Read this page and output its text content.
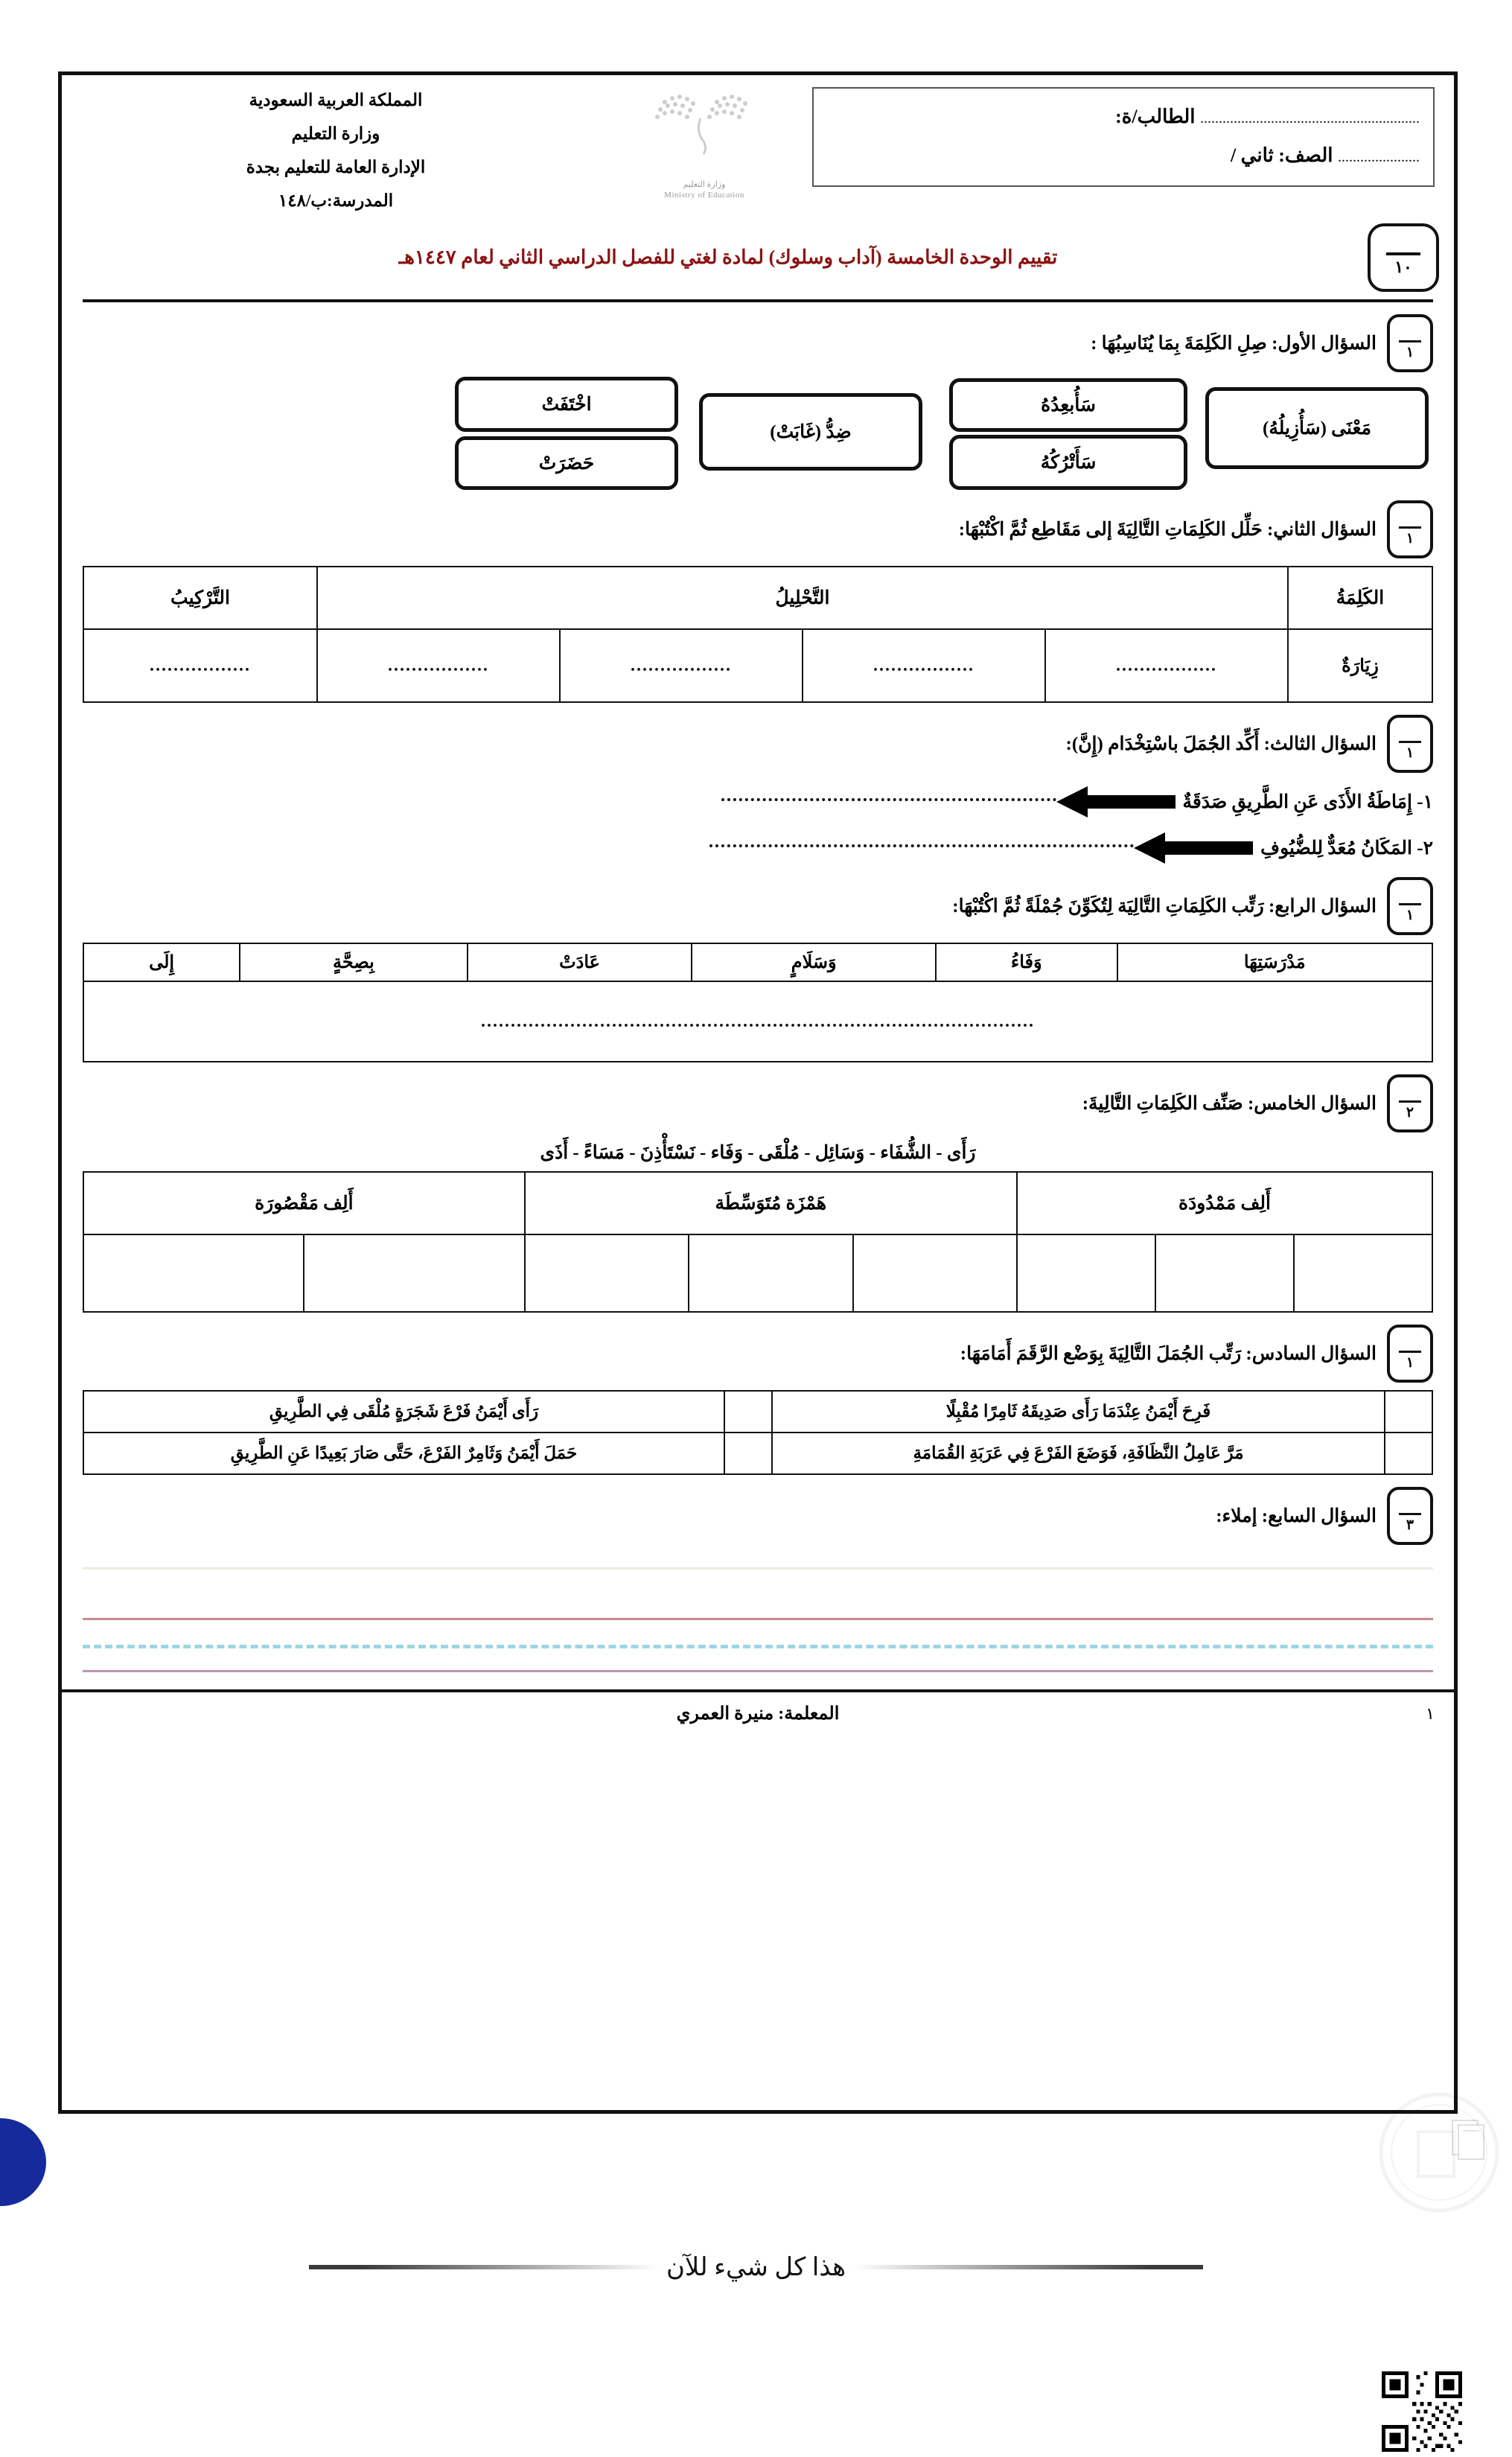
........................................................... الطالب/ة:
...................... الصف: ثاني /
وزارة التعليم
Ministry of Education
المملكة العربية السعودية
وزارة التعليم
الإدارة العامة للتعليم بجدة
المدرسة:ب/١٤٨
١٠
تقييم الوحدة الخامسة (آداب وسلوك) لمادة لغتي للفصل الدراسي الثاني لعام ١٤٤٧هـ
١
السؤال الأول: صِلِ الكَلِمَةَ بِمَا يُنَاسِبُهَا :
مَعْنَى (سَأُزِيلُهُ)
سَأُبعِدُهُ
سَأَتْرُكُهُ
ضِدُّ (غَابَتْ)
اخْتَفَتْ
حَضَرَتْ
١
السؤال الثاني: حَلِّل الكَلِمَاتِ التَّالِيَةَ إلى مَقَاطِع ثُمَّ اكْتُبْهَا:
الكَلِمَةُ	التَّحْلِيلُ				التَّرْكِيبُ
زِيَارَةٌ	.................	.................	.................	.................	.................
١
السؤال الثالث: أَكِّد الجُمَلَ باسْتِخْدَام (إِنَّ):
١- إِمَاطَةُ الأَذَى عَنِ الطَّرِيقِ صَدَقَةٌ
٢- المَكَانُ مُعَدٌّ لِلضُّيُوفِ
١
السؤال الرابع: رَتِّب الكَلِمَاتِ التَّالِيَة لِتُكَوِّنَ جُمْلَةً ثُمَّ اكْتُبْهَا:
مَدْرَسَتِهَا	وَفَاءُ	وَسَلَامٍ	عَادَتْ	بِصِحَّةٍ	إِلَى
.............................................................................................
٢
السؤال الخامس: صَنِّف الكَلِمَاتِ التَّالِيةَ:
رَأَى - الشُّفَاء - وَسَائِل - مُلْقَى - وَفَاء - نَسْتَأْذِنَ - مَسَاءً - أَذَى
أَلِف مَمْدُودَة			هَمْزَة مُتَوَسِّطَة			أَلِف مَقْصُورَة	

١
السؤال السادس: رَتِّب الجُمَلَ التَّالِيَةَ بِوَضْع الرَّقَمَ أَمَامَهَا:
	فَرِحَ أَيْمَنُ عِنْدَمَا رَأَى صَدِيقَهُ ثَامِرًا مُقْبِلًا		رَأَى أَيْمَنُ فَرْعَ شَجَرَةٍ مُلْقَى فِي الطَّرِيقِ
	مَرَّ عَامِلُ النَّظَافَةِ، فَوَضَعَ الفَرْعَ فِي عَرَبَةِ القُمَامَةِ		حَمَلَ أَيْمَنُ وَثَامِرٌ الفَرْعَ، حَتَّى صَارَ بَعِيدًا عَنِ الطَّرِيقِ
٣
السؤال السابع: إملاء:
١
المعلمة: منيرة العمري
هذا كل شيء للآن
